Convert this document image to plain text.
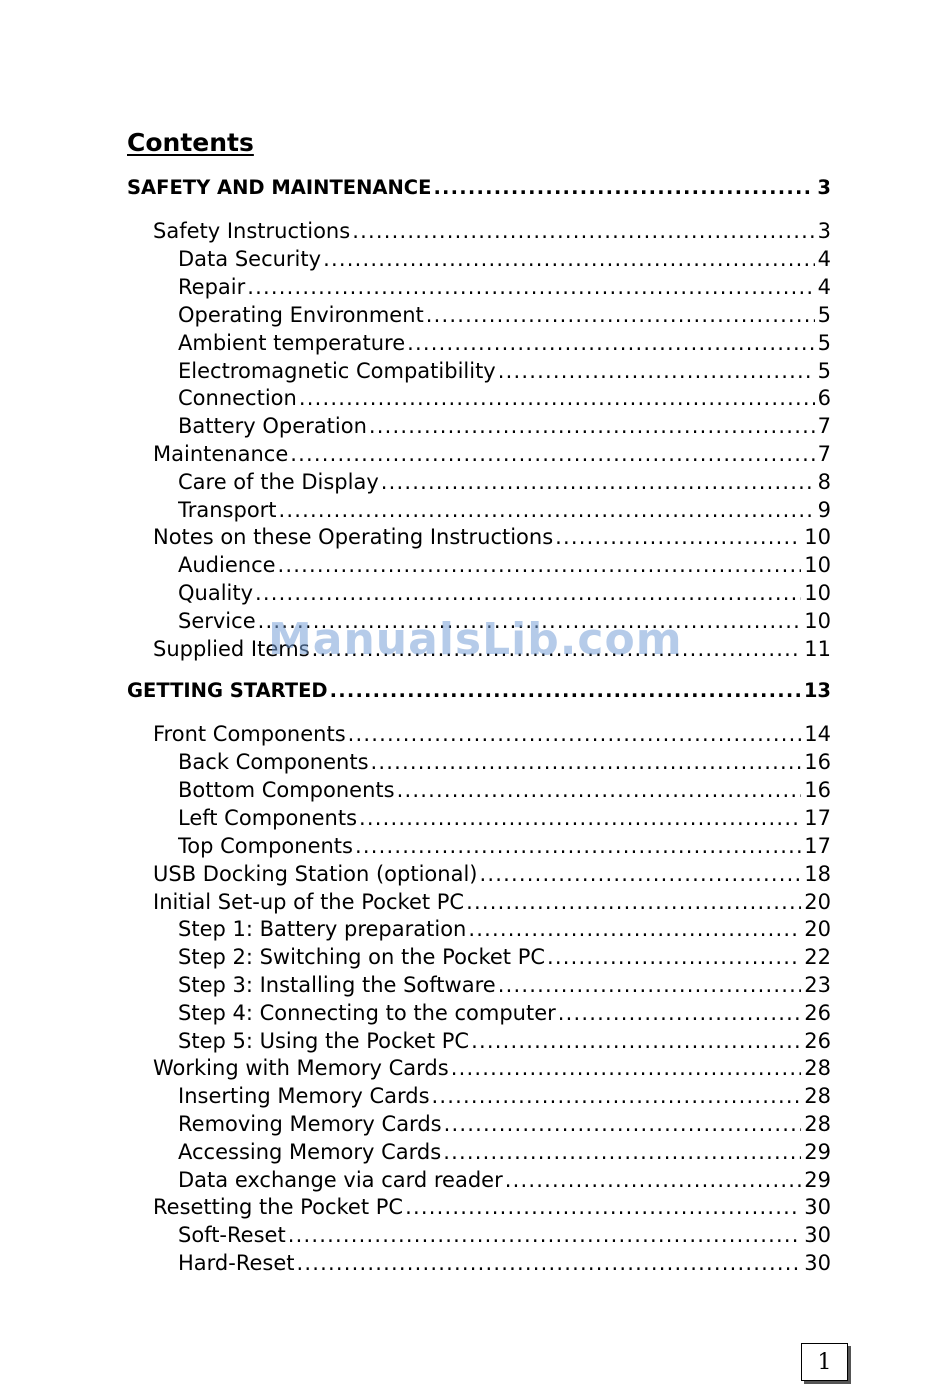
Contents
SAFETY AND MAINTENANCE .....	3
Safety Instructions .....	3
Data Security .....	4
Repair .....	4
Operating Environment .....	5
Ambient temperature .....	5
Electromagnetic Compatibility .....	5
Connection .....	6
Battery Operation .....	7
Maintenance .....	7
Care of the Display .....	8
Transport .....	9
Notes on these Operating Instructions .....	10
Audience .....	10
Quality .....	10
Service .....	10
Supplied Items .....	11
GETTING STARTED .....	13
Front Components .....	14
Back Components .....	16
Bottom Components .....	16
Left Components .....	17
Top Components .....	17
USB Docking Station (optional) .....	18
Initial Set-up of the Pocket PC .....	20
Step 1: Battery preparation .....	20
Step 2: Switching on the Pocket PC .....	22
Step 3: Installing the Software .....	23
Step 4: Connecting to the computer .....	26
Step 5: Using the Pocket PC .....	26
Working with Memory Cards .....	28
Inserting Memory Cards .....	28
Removing Memory Cards .....	28
Accessing Memory Cards .....	29
Data exchange via card reader .....	29
Resetting the Pocket PC .....	30
Soft-Reset .....	30
Hard-Reset .....	30
ManualsLib.com
1
